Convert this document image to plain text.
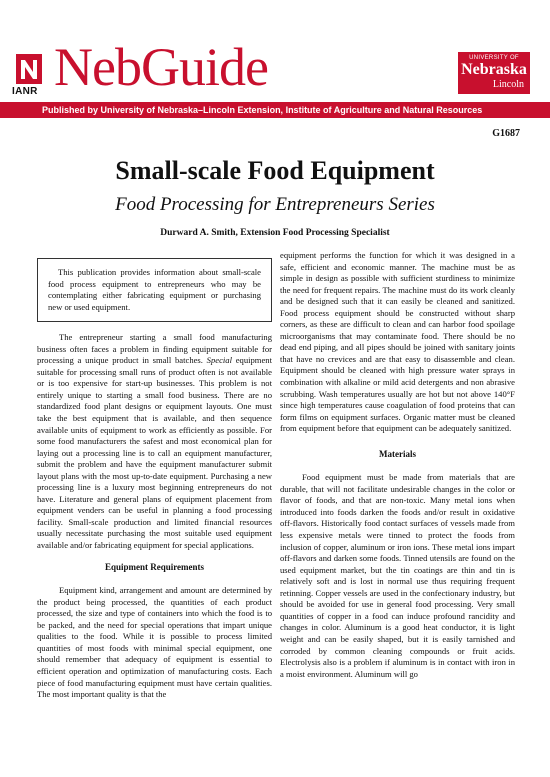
IANR NebGuide	UNIVERSITY OF
Nebraska
Lincoln
Published by University of Nebraska–Lincoln Extension, Institute of Agriculture and Natural Resources
G1687
Small-scale Food Equipment
Food Processing for Entrepreneurs Series
Durward A. Smith, Extension Food Processing Specialist

This publication provides information about small-scale food process equipment to entrepreneurs who may be contemplating either fabricating equipment or purchasing new or used equipment.

The entrepreneur starting a small food manufacturing business often faces a problem in finding equipment suitable for processing a unique product in small batches. Special equipment suitable for processing small runs of product often is not available or is too expensive for start-up businesses. This problem is not entirely unique to starting a small food business. There are no standardized food plant designs or equipment layouts. One must take the best equipment that is available, and then sequence available units of equipment to work as efficiently as possible. For some food manufacturers the safest and most economical plan for laying out a processing line is to call an equipment manufacturer, submit the problem and have the equipment manufacturer submit layout plans with the most up-to-date equipment. Purchasing a new processing line is a luxury most beginning entrepreneurs do not have. Literature and general plans of equipment placement from equipment venders can be useful in planning a food processing facility. Small-scale production and limited financial resources usually necessitate purchasing the most suitable used equipment available and/or fabricating equipment for special applications.

Equipment Requirements

Equipment kind, arrangement and amount are determined by the product being processed, the quantities of each product processed, the size and type of containers into which the food is to be packed, and the need for special operations that impart unique qualities to the food. While it is possible to process limited quantities of most foods with minimal special equipment, one should remember that adequacy of equipment is essential to efficient operation and optimization of manufacturing costs. Each piece of food manufacturing equipment must have certain qualities. The most important quality is that the

equipment performs the function for which it was designed in a safe, efficient and economic manner. The machine must be as simple in design as possible with sufficient sturdiness to minimize the need for frequent repairs. The machine must do its work cleanly and be designed such that it can easily be cleaned and sanitized. Food process equipment should be constructed without sharp corners, as these are difficult to clean and can harbor food spoilage microorganisms that may contaminate food. There should be no dead end piping, and all pipes should be joined with sanitary joints that have no crevices and are that easy to disassemble and clean. Equipment should be cleaned with high pressure water sprays in combination with alkaline or mild acid detergents and non abrasive scrubbing. Wash temperatures usually are hot but not above 140°F since high temperatures cause coagulation of food proteins that can form films on equipment surfaces. Organic matter must be cleaned from equipment before that equipment can be adequately sanitized.

Materials

Food equipment must be made from materials that are durable, that will not facilitate undesirable changes in the color or flavor of foods, and that are non-toxic. Many metal ions when introduced into foods darken the foods and/or result in oxidative off-flavors. Historically food contact surfaces of vessels made from less expensive metals were tinned to protect the foods from inclusion of copper, aluminum or iron ions. These metal ions impart off-flavors and darken some foods. Tinned utensils are found on the used equipment market, but the tin coatings are thin and tin is relatively soft and is lost in normal use thus requiring frequent retinning. Copper vessels are used in the confectionary industry, but should be avoided for use in general food processing. Very small quantities of copper in a food can induce profound rancidity and changes in color. Aluminum is a good heat conductor, it is light weight and can be easily shaped, but it is easily tarnished and corroded by common cleaning compounds or fruit acids. Electrolysis also is a problem if aluminum is in contact with iron in a moist environment. Aluminum will go
